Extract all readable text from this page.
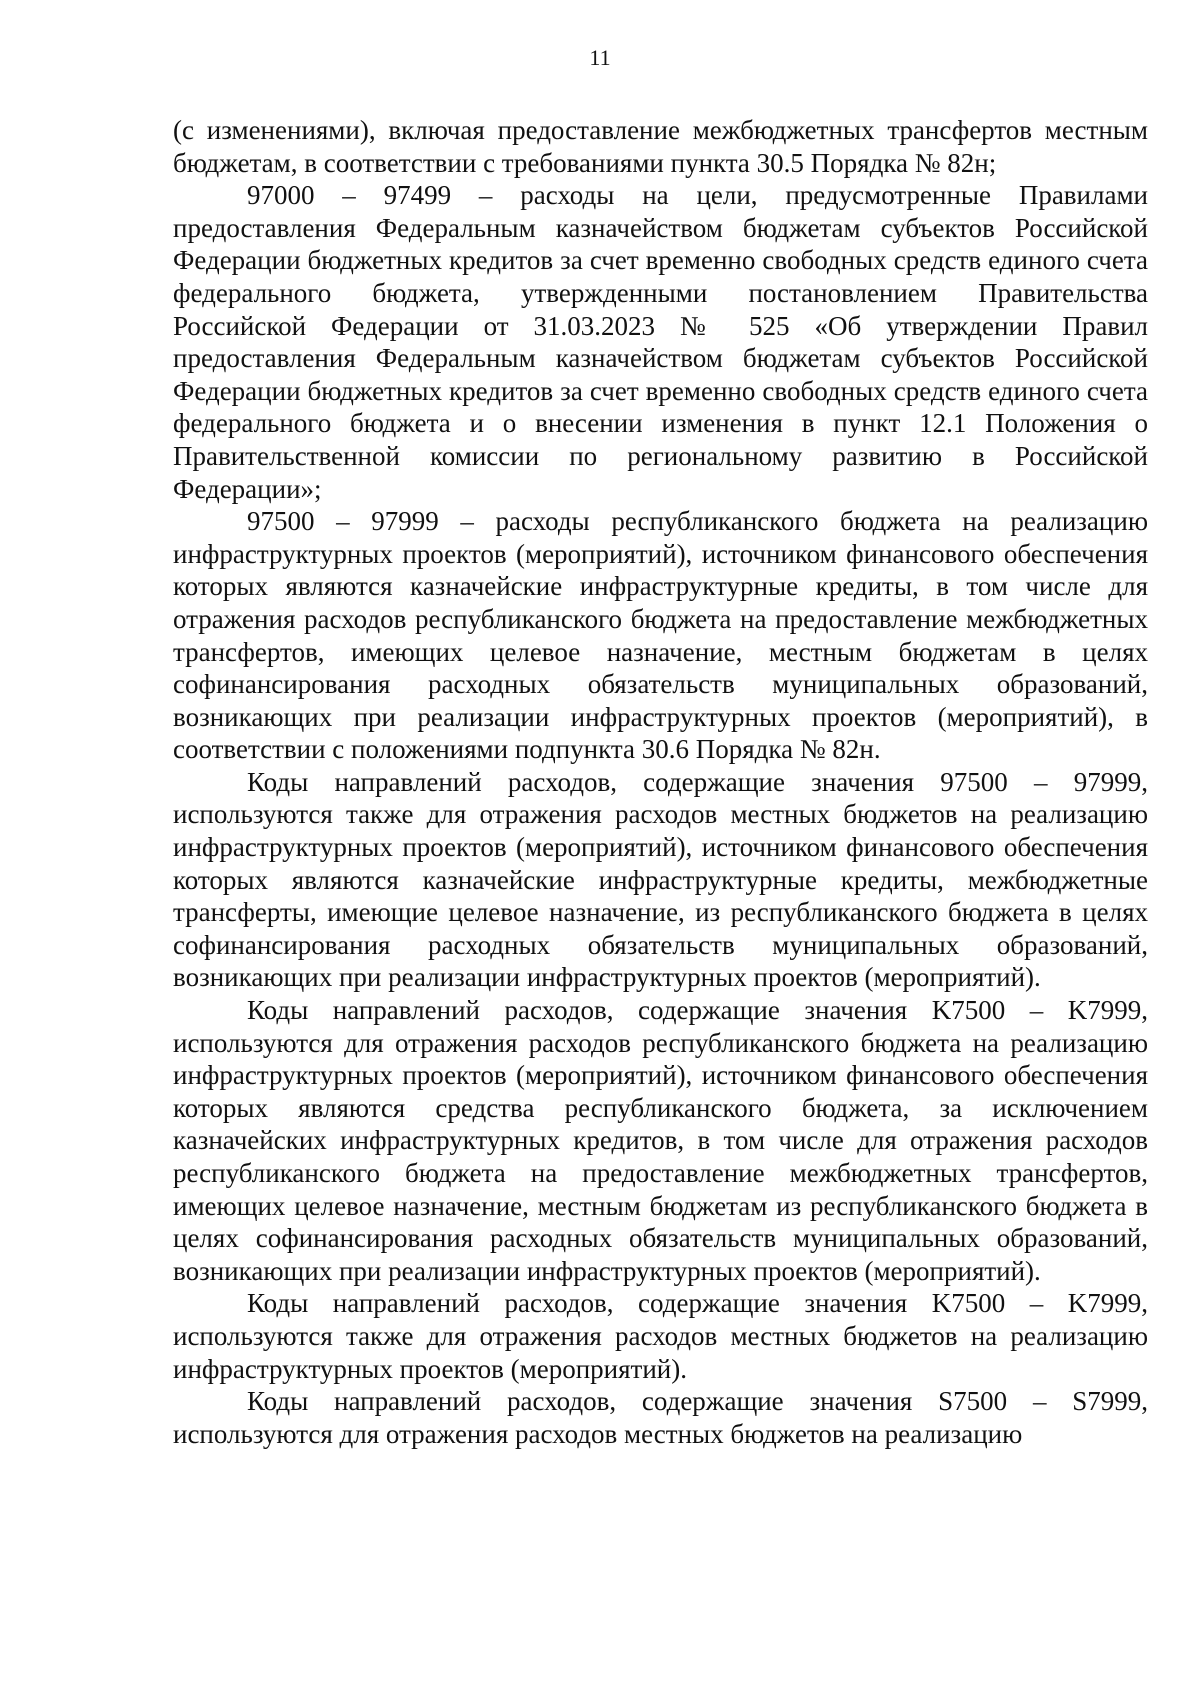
11

(с изменениями), включая предоставление межбюджетных трансфертов местным бюджетам, в соответствии с требованиями пункта 30.5 Порядка № 82н;

97000 – 97499 – расходы на цели, предусмотренные Правилами предоставления Федеральным казначейством бюджетам субъектов Российской Федерации бюджетных кредитов за счет временно свободных средств единого счета федерального бюджета, утвержденными постановлением Правительства Российской Федерации от 31.03.2023 № 525 «Об утверждении Правил предоставления Федеральным казначейством бюджетам субъектов Российской Федерации бюджетных кредитов за счет временно свободных средств единого счета федерального бюджета и о внесении изменения в пункт 12.1 Положения о Правительственной комиссии по региональному развитию в Российской Федерации»;

97500 – 97999 – расходы республиканского бюджета на реализацию инфраструктурных проектов (мероприятий), источником финансового обеспечения которых являются казначейские инфраструктурные кредиты, в том числе для отражения расходов республиканского бюджета на предоставление межбюджетных трансфертов, имеющих целевое назначение, местным бюджетам в целях софинансирования расходных обязательств муниципальных образований, возникающих при реализации инфраструктурных проектов (мероприятий), в соответствии с положениями подпункта 30.6 Порядка № 82н.

Коды направлений расходов, содержащие значения 97500 – 97999, используются также для отражения расходов местных бюджетов на реализацию инфраструктурных проектов (мероприятий), источником финансового обеспечения которых являются казначейские инфраструктурные кредиты, межбюджетные трансферты, имеющие целевое назначение, из республиканского бюджета в целях софинансирования расходных обязательств муниципальных образований, возникающих при реализации инфраструктурных проектов (мероприятий).

Коды направлений расходов, содержащие значения K7500 – K7999, используются для отражения расходов республиканского бюджета на реализацию инфраструктурных проектов (мероприятий), источником финансового обеспечения которых являются средства республиканского бюджета, за исключением казначейских инфраструктурных кредитов, в том числе для отражения расходов республиканского бюджета на предоставление межбюджетных трансфертов, имеющих целевое назначение, местным бюджетам из республиканского бюджета в целях софинансирования расходных обязательств муниципальных образований, возникающих при реализации инфраструктурных проектов (мероприятий).

Коды направлений расходов, содержащие значения K7500 – K7999, используются также для отражения расходов местных бюджетов на реализацию инфраструктурных проектов (мероприятий).

Коды направлений расходов, содержащие значения S7500 – S7999, используются для отражения расходов местных бюджетов на реализацию
